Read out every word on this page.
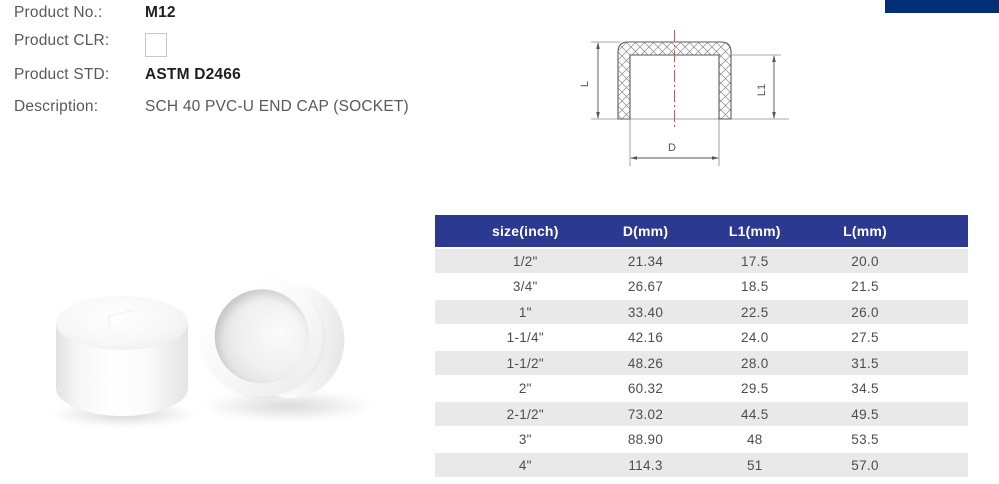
Product No.:	M12
Product CLR:
Product STD:	ASTM D2466
Description:	SCH 40 PVC-U END CAP (SOCKET)
L	L1
D
size(inch)	D(mm)	L1(mm)	L(mm)
1/2"	21.34	17.5	20.0
3/4"	26.67	18.5	21.5
1"	33.40	22.5	26.0
1-1/4"	42.16	24.0	27.5
1-1/2"	48.26	28.0	31.5
2"	60.32	29.5	34.5
2-1/2"	73.02	44.5	49.5
3"	88.90	48	53.5
4"	114.3	51	57.0
